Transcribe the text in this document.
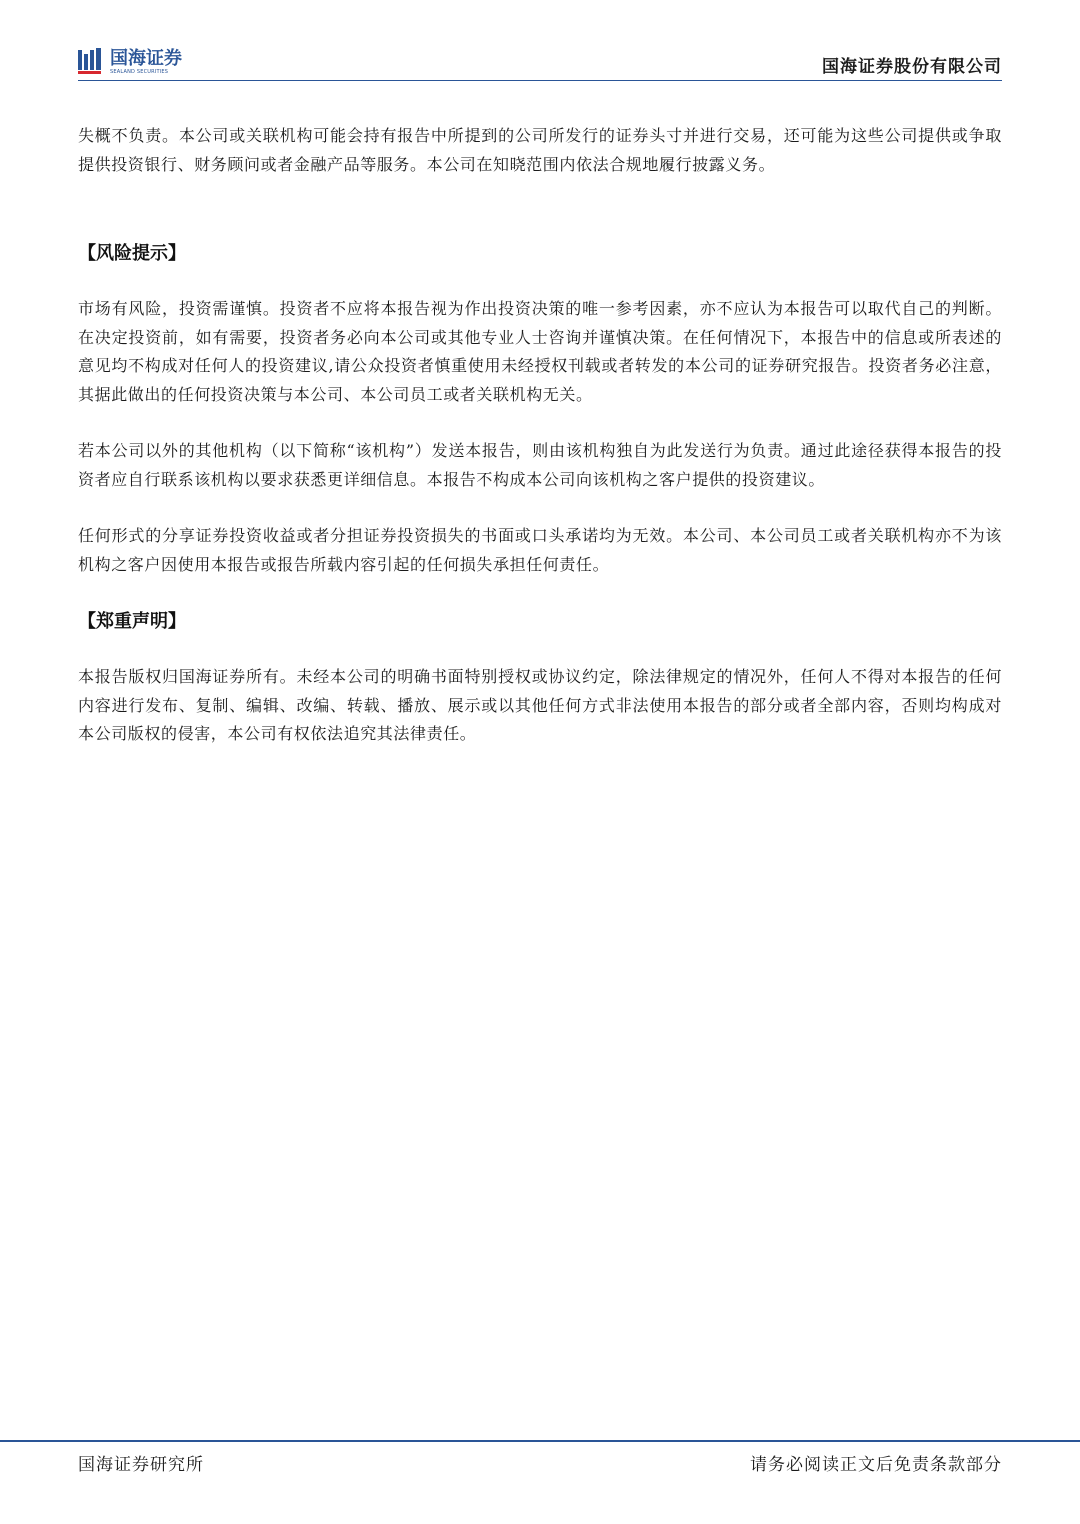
国海证券
SEALAND SECURITIES	国海证券股份有限公司

失概不负责。本公司或关联机构可能会持有报告中所提到的公司所发行的证券头寸并进行交易，还可能为这些公司提供或争取提供投资银行、财务顾问或者金融产品等服务。本公司在知晓范围内依法合规地履行披露义务。

【风险提示】

市场有风险，投资需谨慎。投资者不应将本报告视为作出投资决策的唯一参考因素，亦不应认为本报告可以取代自己的判断。在决定投资前，如有需要，投资者务必向本公司或其他专业人士咨询并谨慎决策。在任何情况下，本报告中的信息或所表述的意见均不构成对任何人的投资建议,请公众投资者慎重使用未经授权刊载或者转发的本公司的证券研究报告。投资者务必注意，其据此做出的任何投资决策与本公司、本公司员工或者关联机构无关。

若本公司以外的其他机构（以下简称“该机构”）发送本报告，则由该机构独自为此发送行为负责。通过此途径获得本报告的投资者应自行联系该机构以要求获悉更详细信息。本报告不构成本公司向该机构之客户提供的投资建议。

任何形式的分享证券投资收益或者分担证券投资损失的书面或口头承诺均为无效。本公司、本公司员工或者关联机构亦不为该机构之客户因使用本报告或报告所载内容引起的任何损失承担任何责任。

【郑重声明】

本报告版权归国海证券所有。未经本公司的明确书面特别授权或协议约定，除法律规定的情况外，任何人不得对本报告的任何内容进行发布、复制、编辑、改编、转载、播放、展示或以其他任何方式非法使用本报告的部分或者全部内容，否则均构成对本公司版权的侵害，本公司有权依法追究其法律责任。

国海证券研究所	请务必阅读正文后免责条款部分
